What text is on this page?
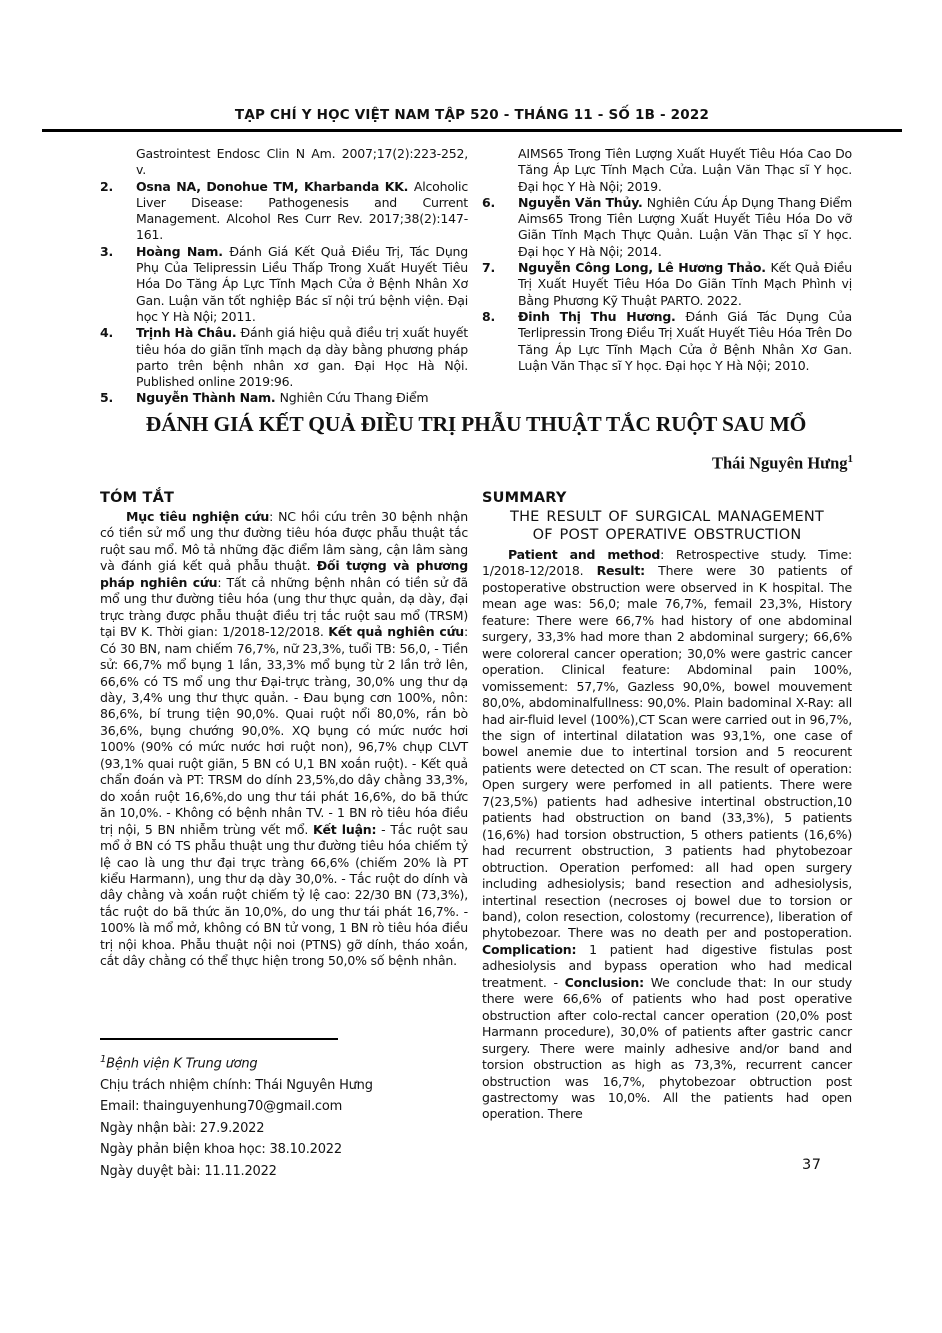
TẠP CHÍ Y HỌC VIỆT NAM TẬP 520 - THÁNG 11 - SỐ 1B - 2022
Gastrointest Endosc Clin N Am. 2007;17(2):223-252, v.
2. Osna NA, Donohue TM, Kharbanda KK. Alcoholic Liver Disease: Pathogenesis and Current Management. Alcohol Res Curr Rev. 2017;38(2):147-161.
3. Hoàng Nam. Đánh Giá Kết Quả Điều Trị, Tác Dụng Phụ Của Telipressin Liều Thấp Trong Xuất Huyết Tiêu Hóa Do Tăng Áp Lực Tĩnh Mạch Cửa ở Bệnh Nhân Xơ Gan. Luận văn tốt nghiệp Bác sĩ nội trú bệnh viện. Đại học Y Hà Nội; 2011.
4. Trịnh Hà Châu. Đánh giá hiệu quả điều trị xuất huyết tiêu hóa do giãn tĩnh mạch dạ dày bằng phương pháp parto trên bệnh nhân xơ gan. Đại Học Hà Nội. Published online 2019:96.
5. Nguyễn Thành Nam. Nghiên Cứu Thang Điểm
AIMS65 Trong Tiên Lượng Xuất Huyết Tiêu Hóa Cao Do Tăng Áp Lực Tĩnh Mạch Cửa. Luận Văn Thạc sĩ Y học. Đại học Y Hà Nội; 2019.
6. Nguyễn Văn Thủy. Nghiên Cứu Áp Dụng Thang Điểm Aims65 Trong Tiên Lượng Xuất Huyết Tiêu Hóa Do vỡ Giãn Tĩnh Mạch Thực Quản. Luận Văn Thạc sĩ Y học. Đại học Y Hà Nội; 2014.
7. Nguyễn Công Long, Lê Hương Thảo. Kết Quả Điều Trị Xuất Huyết Tiêu Hóa Do Giãn Tĩnh Mạch Phình vị Bằng Phương Kỹ Thuật PARTO. 2022.
8. Đinh Thị Thu Hương. Đánh Giá Tác Dụng Của Terlipressin Trong Điều Trị Xuất Huyết Tiêu Hóa Trên Do Tăng Áp Lực Tĩnh Mạch Cửa ở Bệnh Nhân Xơ Gan. Luận Văn Thạc sĩ Y học. Đại học Y Hà Nội; 2010.
ĐÁNH GIÁ KẾT QUẢ ĐIỀU TRỊ PHẪU THUẬT TẮC RUỘT SAU MỔ
Thái Nguyên Hưng$^1$
TÓM TẮT

Mục tiêu nghiện cứu: NC hồi cứu trên 30 bệnh nhận có tiền sử mổ ung thư đường tiêu hóa được phẫu thuật tắc ruột sau mổ. Mô tả những đặc điểm lâm sàng, cận lâm sàng và đánh giá kết quả phẫu thuật. Đối tượng và phương pháp nghiên cứu: Tất cả những bệnh nhân có tiền sử đã mổ ung thư đường tiêu hóa (ung thư thực quản, dạ dày, đại trực tràng được phẫu thuật điều trị tắc ruột sau mổ (TRSM) tại BV K. Thời gian: 1/2018-12/2018. Kết quả nghiên cứu: Có 30 BN, nam chiếm 76,7%, nữ 23,3%, tuổi TB: 56,0, - Tiền sử: 66,7% mổ bụng 1 lần, 33,3% mổ bụng từ 2 lần trở lên, 66,6% có TS mổ ung thư Đại-trực tràng, 30,0% ung thư dạ dày, 3,4% ung thư thực quản. - Đau bụng cơn 100%, nôn: 86,6%, bí trung tiện 90,0%. Quai ruột nổi 80,0%, rắn bò 36,6%, bụng chướng 90,0%. XQ bụng có mức nước hơi 100% (90% có mức nước hơi ruột non), 96,7% chụp CLVT (93,1% quai ruột giãn, 5 BN có U,1 BN xoắn ruột). - Kết quả chẩn đoán và PT: TRSM do dính 23,5%,do dây chằng 33,3%, do xoắn ruột 16,6%,do ung thư tái phát 16,6%, do bã thức ăn 10,0%. - Không có bệnh nhân TV. - 1 BN rò tiêu hóa điều trị nội, 5 BN nhiễm trùng vết mổ. Kết luận: - Tắc ruột sau mổ ở BN có TS phẫu thuật ung thư đường tiêu hóa chiếm tỷ lệ cao là ung thư đại trực tràng 66,6% (chiếm 20% là PT kiểu Harmann), ung thư dạ dày 30,0%. - Tắc ruột do dính và dây chằng và xoắn ruột chiếm tỷ lệ cao: 22/30 BN (73,3%), tắc ruột do bã thức ăn 10,0%, do ung thư tái phát 16,7%. - 100% là mổ mở, không có BN tử vong, 1 BN rò tiêu hóa điều trị nội khoa. Phẫu thuật nội noi (PTNS) gỡ dính, tháo xoắn, cắt dây chằng có thể thực hiện trong 50,0% số bệnh nhân.

$^1$Bệnh viện K Trung ương
Chịu trách nhiệm chính: Thái Nguyên Hưng
Email: thainguyenhung70@gmail.com
Ngày nhận bài: 27.9.2022
Ngày phản biện khoa học: 38.10.2022
Ngày duyệt bài: 11.11.2022
SUMMARY
THE RESULT OF SURGICAL MANAGEMENT
OF POST OPERATIVE OBSTRUCTION

Patient and method: Retrospective study. Time: 1/2018-12/2018. Result: There were 30 patients of postoperative obstruction were observed in K hospital. The mean age was: 56,0; male 76,7%, femail 23,3%, History feature: There were 66,7% had history of one abdominal surgery, 33,3% had more than 2 abdominal surgery; 66,6% were coloreral cancer operation; 30,0% were gastric cancer operation. Clinical feature: Abdominal pain 100%, vomissement: 57,7%, Gazless 90,0%, bowel mouvement 80,0%, abdominalfullness: 90,0%. Plain badominal X-Ray: all had air-fluid level (100%),CT Scan were carried out in 96,7%, the sign of intertinal dilatation was 93,1%, one case of bowel anemie due to intertinal torsion and 5 reocurent patients were detected on CT scan. The result of operation: Open surgery were perfomed in all patients. There were 7(23,5%) patients had adhesive intertinal obstruction,10 patients had obstruction on band (33,3%), 5 patients (16,6%) had torsion obstruction, 5 others patients (16,6%) had recurrent obstruction, 3 patients had phytobezoar obtruction. Operation perfomed: all had open surgery including adhesiolysis; band resection and adhesiolysis, intertinal resection (necroses oj bowel due to torsion or band), colon resection, colostomy (recurrence), liberation of phytobezoar. There was no death per and postoperation. Complication: 1 patient had digestive fistulas post adhesiolysis and bypass operation who had medical treatment. - Conclusion: We conclude that: In our study there were 66,6% of patients who had post operative obstruction after colo-rectal cancer operation (20,0% post Harmann procedure), 30,0% of patients after gastric cancr surgery. There were mainly adhesive and/or band and torsion obstruction as high as 73,3%, recurrent cancer obstruction was 16,7%, phytobezoar obtruction post gastrectomy was 10,0%. All the patients had open operation. There

37
